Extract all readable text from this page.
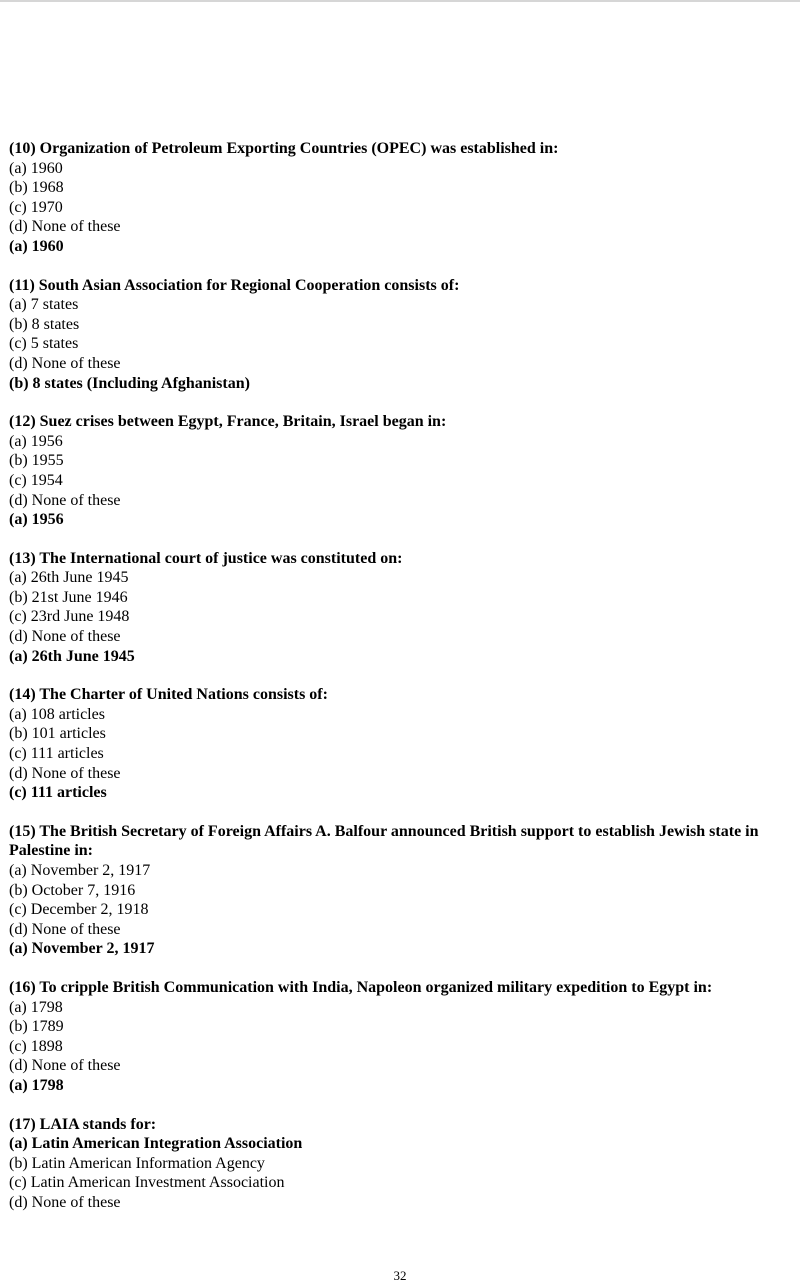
(10) Organization of Petroleum Exporting Countries (OPEC) was established in:
(a) 1960
(b) 1968
(c) 1970
(d) None of these
(a) 1960
(11) South Asian Association for Regional Cooperation consists of:
(a) 7 states
(b) 8 states
(c) 5 states
(d) None of these
(b) 8 states (Including Afghanistan)
(12) Suez crises between Egypt, France, Britain, Israel began in:
(a) 1956
(b) 1955
(c) 1954
(d) None of these
(a) 1956
(13) The International court of justice was constituted on:
(a) 26th June 1945
(b) 21st June 1946
(c) 23rd June 1948
(d) None of these
(a) 26th June 1945
(14) The Charter of United Nations consists of:
(a) 108 articles
(b) 101 articles
(c) 111 articles
(d) None of these
(c) 111 articles
(15) The British Secretary of Foreign Affairs A. Balfour announced British support to establish Jewish state in Palestine in:
(a) November 2, 1917
(b) October 7, 1916
(c) December 2, 1918
(d) None of these
(a) November 2, 1917
(16) To cripple British Communication with India, Napoleon organized military expedition to Egypt in:
(a) 1798
(b) 1789
(c) 1898
(d) None of these
(a) 1798
(17) LAIA stands for:
(a) Latin American Integration Association
(b) Latin American Information Agency
(c) Latin American Investment Association
(d) None of these
32
